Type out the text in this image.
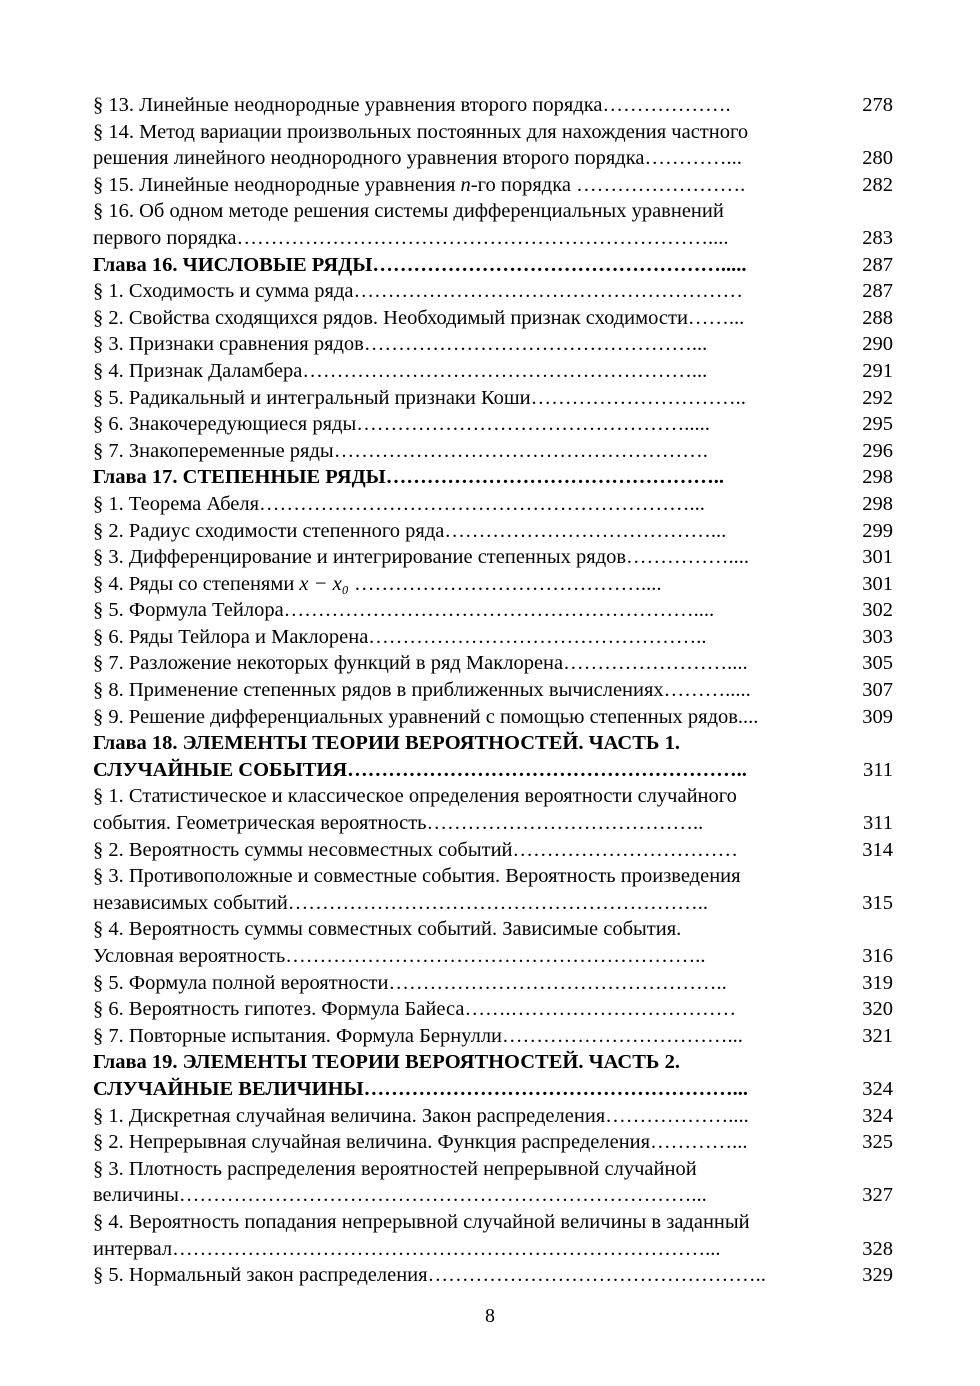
§ 13. Линейные неоднородные уравнения второго порядка……………….	278
§ 14. Метод вариации произвольных постоянных для нахождения частного
решения линейного неоднородного уравнения второго порядка…………...	280
§ 15. Линейные неоднородные уравнения n-го порядка …………………….	282
§ 16. Об одном методе решения системы дифференциальных уравнений
первого порядка……………………………………………………………....	283
Глава 16. ЧИСЛОВЫЕ РЯДЫ…………………………………………….....	287
§ 1. Сходимость и сумма ряда…………………………………………………	287
§ 2. Свойства сходящихся рядов. Необходимый признак сходимости……...	288
§ 3. Признаки сравнения рядов…………………………………………...	290
§ 4. Признак Даламбера…………………………………………………...	291
§ 5. Радикальный и интегральный признаки Коши…………………………..	292
§ 6. Знакочередующиеся ряды………………………………………….....	295
§ 7. Знакопеременные ряды……………………………………………….	296
Глава 17. СТЕПЕННЫЕ РЯДЫ…………………………………………..	298
§ 1. Теорема Абеля………………………………………………………...	298
§ 2. Радиус сходимости степенного ряда…………………………………...	299
§ 3. Дифференцирование и интегрирование степенных рядов……………....	301
§ 4. Ряды со степенями x − x₀ ……………………………………....	301
§ 5. Формула Тейлора……………………………………………………....	302
§ 6. Ряды Тейлора и Маклорена…………………………………………..	303
§ 7. Разложение некоторых функций в ряд Маклорена……………………....	305
§ 8. Применение степенных рядов в приближенных вычислениях……….....	307
§ 9. Решение дифференциальных уравнений с помощью степенных рядов....	309
Глава 18. ЭЛЕМЕНТЫ ТЕОРИИ ВЕРОЯТНОСТЕЙ. ЧАСТЬ 1.
СЛУЧАЙНЫЕ СОБЫТИЯ…………………………………………………..	311
§ 1. Статистическое и классическое определения вероятности случайного
события. Геометрическая вероятность…………………………………..	311
§ 2. Вероятность суммы несовместных событий……………………………	314
§ 3. Противоположные и совместные события. Вероятность произведения
независимых событий……………………………………………………..	315
§ 4. Вероятность суммы совместных событий. Зависимые события.
Условная вероятность……………………………………………………..	316
§ 5. Формула полной вероятности…………………………………………..	319
§ 6. Вероятность гипотез. Формула Байеса…….……………………………	320
§ 7. Повторные испытания. Формула Бернулли……………………………...	321
Глава 19. ЭЛЕМЕНТЫ ТЕОРИИ ВЕРОЯТНОСТЕЙ. ЧАСТЬ 2.
СЛУЧАЙНЫЕ ВЕЛИЧИНЫ………………………………………………...	324
§ 1. Дискретная случайная величина. Закон распределения………………....	324
§ 2. Непрерывная случайная величина. Функция распределения…………...	325
§ 3. Плотность распределения вероятностей непрерывной случайной
величины…………………………………………………………………...	327
§ 4. Вероятность попадания непрерывной случайной величины в заданный
интервал……………………………………………………………………...	328
§ 5. Нормальный закон распределения…………………………………………..	329
8
